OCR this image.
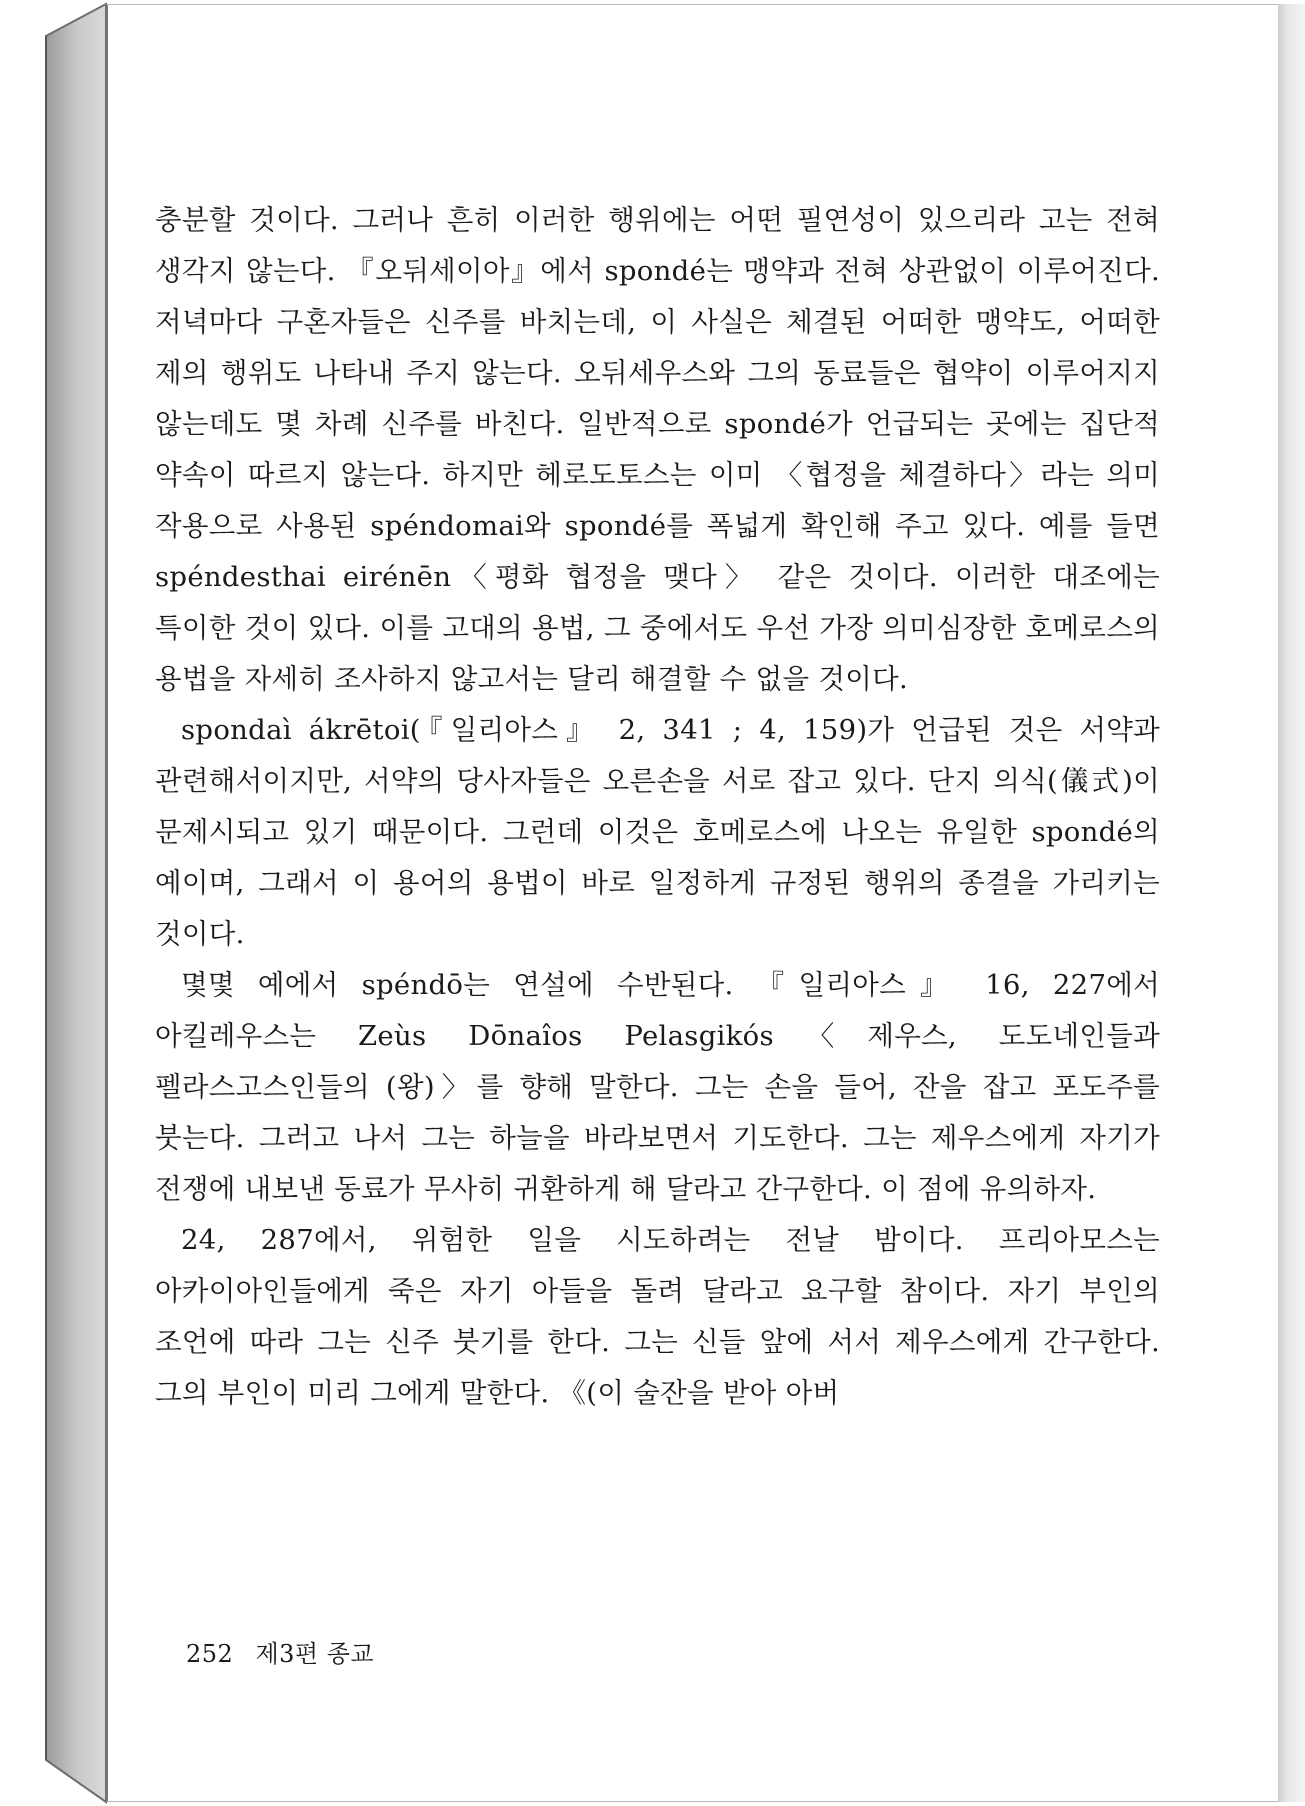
충분할 것이다. 그러나 흔히 이러한 행위에는 어떤 필연성이 있으리라 고는 전혀 생각지 않는다. 『오뒤세이아』에서 spondé는 맹약과 전혀 상관없이 이루어진다. 저녁마다 구혼자들은 신주를 바치는데, 이 사실은 체결된 어떠한 맹약도, 어떠한 제의 행위도 나타내 주지 않는다. 오뒤세우스와 그의 동료들은 협약이 이루어지지 않는데도 몇 차례 신주를 바친다. 일반적으로 spondé가 언급되는 곳에는 집단적 약속이 따르지 않는다. 하지만 헤로도토스는 이미 〈협정을 체결하다〉라는 의미 작용으로 사용된 spéndomai와 spondé를 폭넓게 확인해 주고 있다. 예를 들면 spéndesthai eirénēn〈평화 협정을 맺다〉 같은 것이다. 이러한 대조에는 특이한 것이 있다. 이를 고대의 용법, 그 중에서도 우선 가장 의미심장한 호메로스의 용법을 자세히 조사하지 않고서는 달리 해결할 수 없을 것이다.

spondaì ákrētoi(『일리아스』 2, 341 ; 4, 159)가 언급된 것은 서약과 관련해서이지만, 서약의 당사자들은 오른손을 서로 잡고 있다. 단지 의식(儀式)이 문제시되고 있기 때문이다. 그런데 이것은 호메로스에 나오는 유일한 spondé의 예이며, 그래서 이 용어의 용법이 바로 일정하게 규정된 행위의 종결을 가리키는 것이다.

몇몇 예에서 spéndō는 연설에 수반된다. 『일리아스』 16, 227에서 아킬레우스는 Zeùs Dōnaîos Pelasgikós〈제우스, 도도네인들과 펠라스고스인들의 (왕)〉를 향해 말한다. 그는 손을 들어, 잔을 잡고 포도주를 붓는다. 그러고 나서 그는 하늘을 바라보면서 기도한다. 그는 제우스에게 자기가 전쟁에 내보낸 동료가 무사히 귀환하게 해 달라고 간구한다. 이 점에 유의하자.

24, 287에서, 위험한 일을 시도하려는 전날 밤이다. 프리아모스는 아카이아인들에게 죽은 자기 아들을 돌려 달라고 요구할 참이다. 자기 부인의 조언에 따라 그는 신주 붓기를 한다. 그는 신들 앞에 서서 제우스에게 간구한다. 그의 부인이 미리 그에게 말한다. 《(이 술잔을 받아 아버

252 제3편 종교
